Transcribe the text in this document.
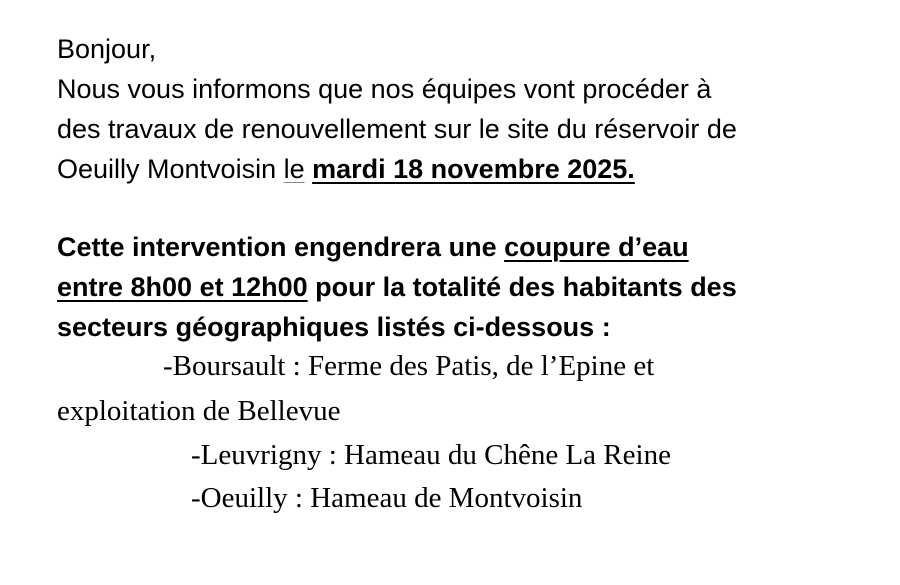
Bonjour,
Nous vous informons que nos équipes vont procéder à
des travaux de renouvellement sur le site du réservoir de
Oeuilly Montvoisin le mardi 18 novembre 2025.
Cette intervention engendrera une coupure d’eau
entre 8h00 et 12h00 pour la totalité des habitants des
secteurs géographiques listés ci-dessous :
-Boursault : Ferme des Patis, de l’Epine et
exploitation de Bellevue
-Leuvrigny : Hameau du Chêne La Reine
-Oeuilly : Hameau de Montvoisin
